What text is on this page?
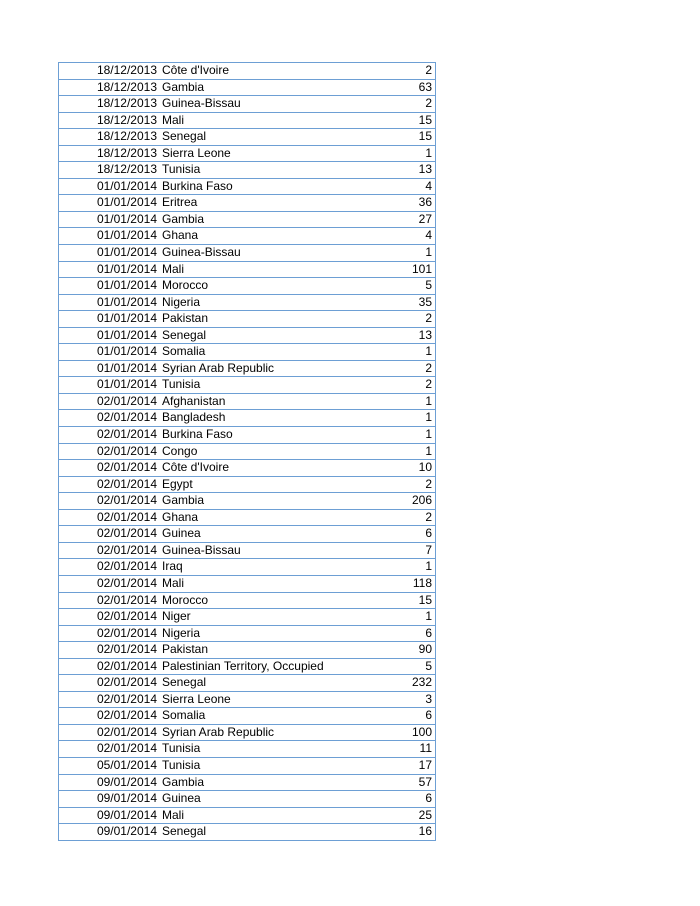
18/12/2013 Côte d'Ivoire	2
18/12/2013 Gambia	63
18/12/2013 Guinea-Bissau	2
18/12/2013 Mali	15
18/12/2013 Senegal	15
18/12/2013 Sierra Leone	1
18/12/2013 Tunisia	13
01/01/2014 Burkina Faso	4
01/01/2014 Eritrea	36
01/01/2014 Gambia	27
01/01/2014 Ghana	4
01/01/2014 Guinea-Bissau	1
01/01/2014 Mali	101
01/01/2014 Morocco	5
01/01/2014 Nigeria	35
01/01/2014 Pakistan	2
01/01/2014 Senegal	13
01/01/2014 Somalia	1
01/01/2014 Syrian Arab Republic	2
01/01/2014 Tunisia	2
02/01/2014 Afghanistan	1
02/01/2014 Bangladesh	1
02/01/2014 Burkina Faso	1
02/01/2014 Congo	1
02/01/2014 Côte d'Ivoire	10
02/01/2014 Egypt	2
02/01/2014 Gambia	206
02/01/2014 Ghana	2
02/01/2014 Guinea	6
02/01/2014 Guinea-Bissau	7
02/01/2014 Iraq	1
02/01/2014 Mali	118
02/01/2014 Morocco	15
02/01/2014 Niger	1
02/01/2014 Nigeria	6
02/01/2014 Pakistan	90
02/01/2014 Palestinian Territory, Occupied	5
02/01/2014 Senegal	232
02/01/2014 Sierra Leone	3
02/01/2014 Somalia	6
02/01/2014 Syrian Arab Republic	100
02/01/2014 Tunisia	11
05/01/2014 Tunisia	17
09/01/2014 Gambia	57
09/01/2014 Guinea	6
09/01/2014 Mali	25
09/01/2014 Senegal	16
